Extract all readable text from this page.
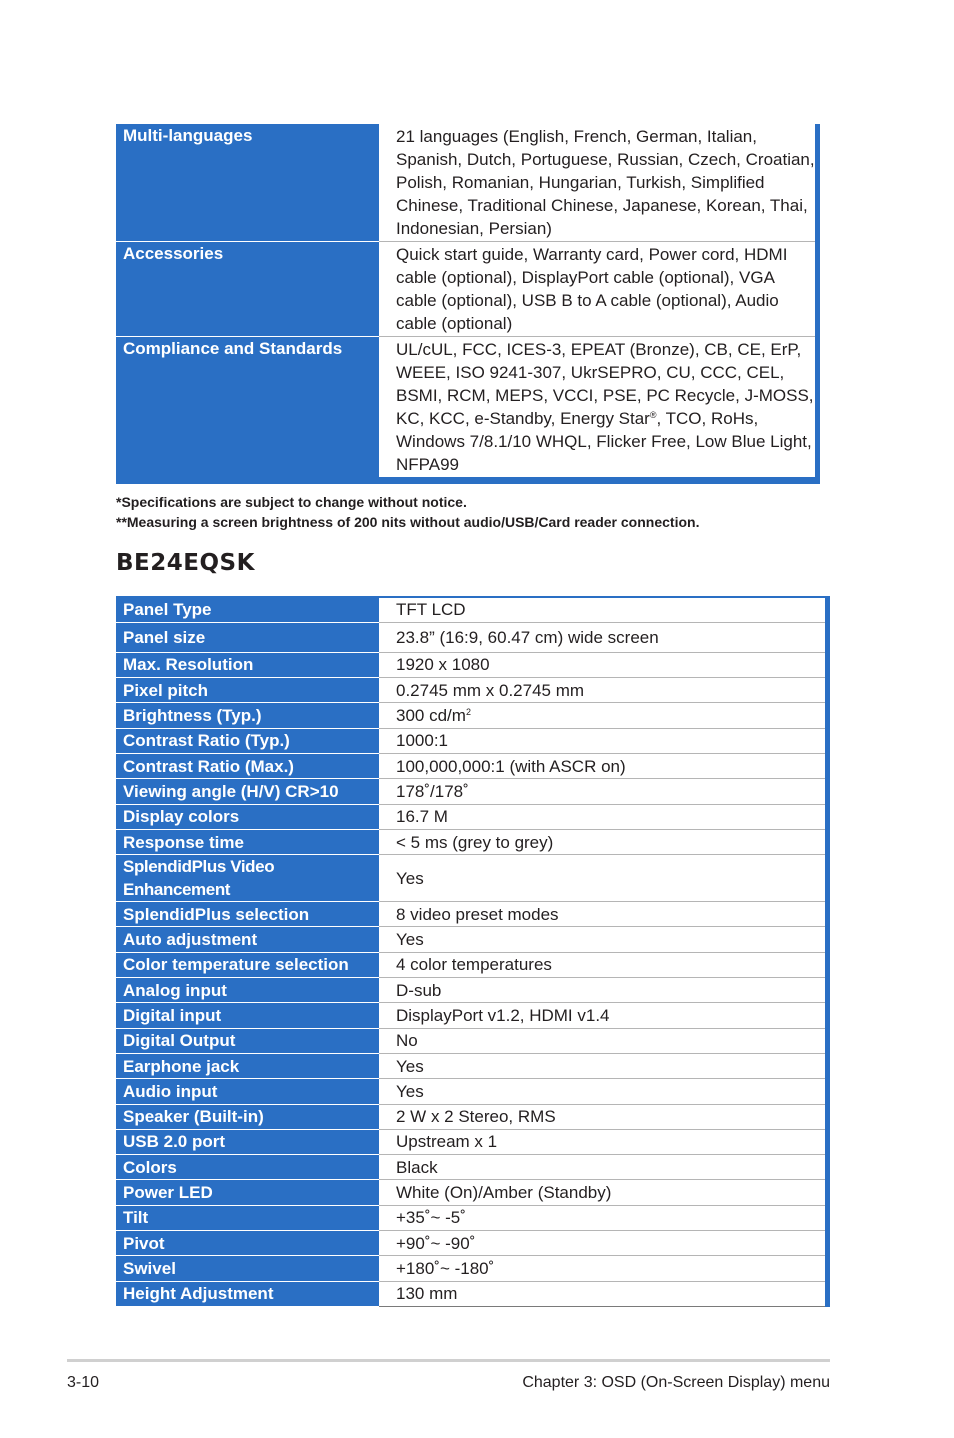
Multi-languages	21 languages (English, French, German, Italian, Spanish, Dutch, Portuguese, Russian, Czech, Croatian, Polish, Romanian, Hungarian, Turkish, Simplified Chinese, Traditional Chinese, Japanese, Korean, Thai, Indonesian, Persian)
Accessories	Quick start guide, Warranty card, Power cord, HDMI cable (optional), DisplayPort cable (optional), VGA cable (optional), USB B to A cable (optional), Audio cable (optional)
Compliance and Standards	UL/cUL, FCC, ICES-3, EPEAT (Bronze), CB, CE, ErP, WEEE, ISO 9241-307, UkrSEPRO, CU, CCC, CEL, BSMI, RCM, MEPS, VCCI, PSE, PC Recycle, J-MOSS, KC, KCC, e-Standby, Energy Star®, TCO, RoHs, Windows 7/8.1/10 WHQL, Flicker Free, Low Blue Light, NFPA99
*Specifications are subject to change without notice.
**Measuring a screen brightness of 200 nits without audio/USB/Card reader connection.
BE24EQSK
Panel Type	TFT LCD
Panel size	23.8” (16:9, 60.47 cm) wide screen
Max. Resolution	1920 x 1080
Pixel pitch	0.2745 mm x 0.2745 mm
Brightness (Typ.)	300 $cd/m^2$
Contrast Ratio (Typ.)	1000:1
Contrast Ratio (Max.)	100,000,000:1 (with ASCR on)
Viewing angle (H/V) CR>10	178˚/178˚
Display colors	16.7 M
Response time	< 5 ms (grey to grey)
SplendidPlus Video Enhancement	Yes
SplendidPlus selection	8 video preset modes
Auto adjustment	Yes
Color temperature selection	4 color temperatures
Analog input	D-sub
Digital input	DisplayPort v1.2, HDMI v1.4
Digital Output	No
Earphone jack	Yes
Audio input	Yes
Speaker (Built-in)	2 W x 2 Stereo, RMS
USB 2.0 port	Upstream x 1
Colors	Black
Power LED	White (On)/Amber (Standby)
Tilt	+35˚~ -5˚
Pivot	+90˚~ -90˚
Swivel	+180˚~ -180˚
Height Adjustment	130 mm
3-10	Chapter 3: OSD (On-Screen Display) menu
